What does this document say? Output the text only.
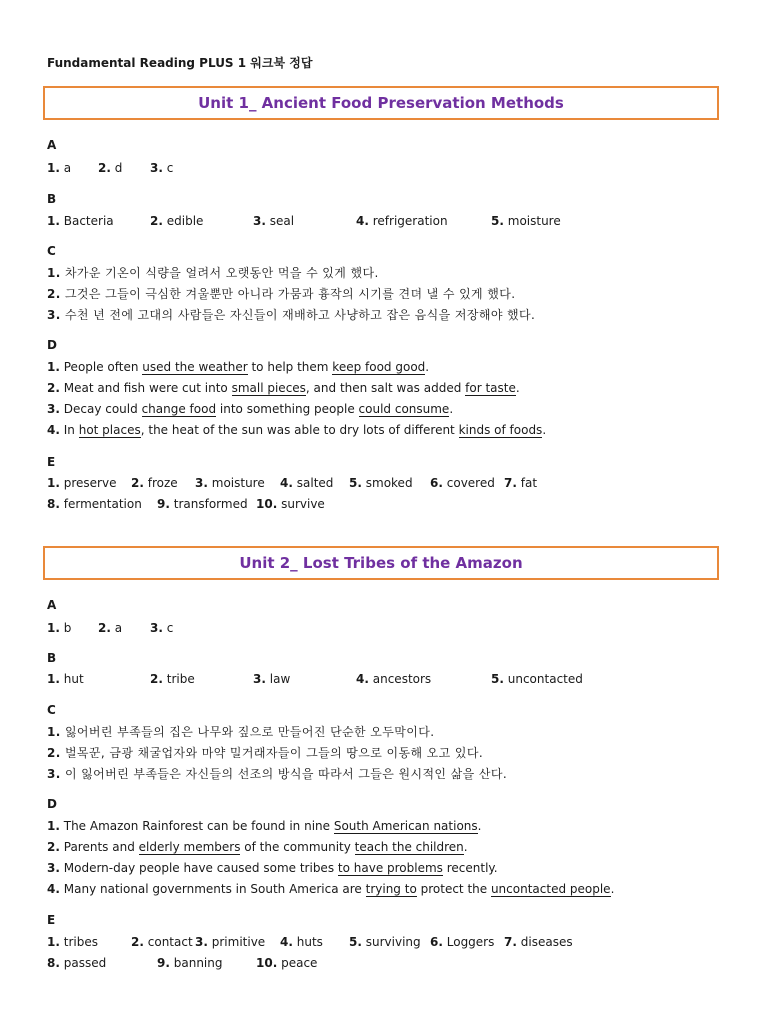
Fundamental Reading PLUS 1 워크북 정답
Unit 1_ Ancient Food Preservation Methods
A
1. a 2. d 3. c
B
1. Bacteria	2. edible	3. seal	4. refrigeration	5. moisture
C
1. 차가운 기온이 식량을 얼려서 오랫동안 먹을 수 있게 했다.
2. 그것은 그들이 극심한 겨울뿐만 아니라 가뭄과 흉작의 시기를 견뎌 낼 수 있게 했다.
3. 수천 년 전에 고대의 사람들은 자신들이 재배하고 사냥하고 잡은 음식을 저장해야 했다.
D
1. People often used the weather to help them keep food good.
2. Meat and fish were cut into small pieces, and then salt was added for taste.
3. Decay could change food into something people could consume.
4. In hot places, the heat of the sun was able to dry lots of different kinds of foods.
E
1. preserve 2. froze 3. moisture 4. salted 5. smoked 6. covered 7. fat
8. fermentation 9. transformed 10. survive
Unit 2_ Lost Tribes of the Amazon
A
1. b 2. a 3. c
B
1. hut	2. tribe	3. law	4. ancestors	5. uncontacted
C
1. 잃어버린 부족들의 집은 나무와 짚으로 만들어진 단순한 오두막이다.
2. 벌목꾼, 금광 채굴업자와 마약 밀거래자들이 그들의 땅으로 이동해 오고 있다.
3. 이 잃어버린 부족들은 자신들의 선조의 방식을 따라서 그들은 원시적인 삶을 산다.
D
1. The Amazon Rainforest can be found in nine South American nations.
2. Parents and elderly members of the community teach the children.
3. Modern-day people have caused some tribes to have problems recently.
4. Many national governments in South America are trying to protect the uncontacted people.
E
1. tribes	2. contact 3. primitive 4. huts 5. surviving 6. Loggers 7. diseases
8. passed	9. banning	10. peace
